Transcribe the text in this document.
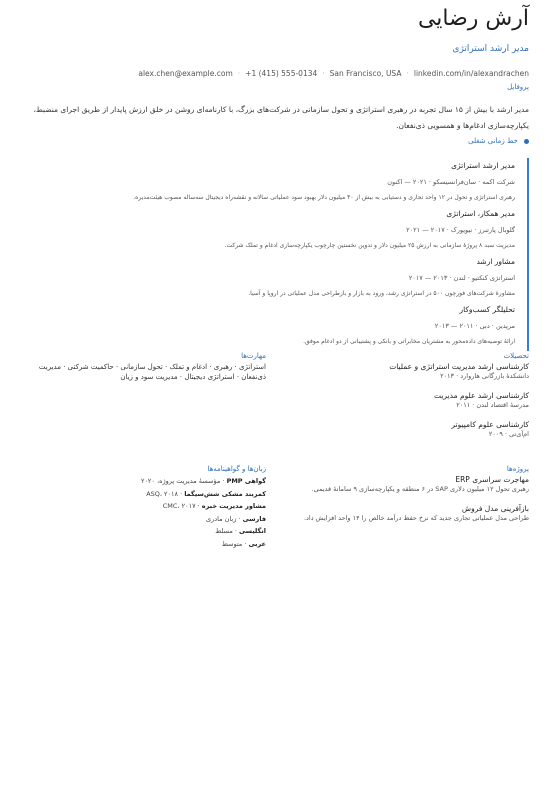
آرش رضایی
مدیر ارشد استراتژی
alex.chen@example.com · +1 (415) 555-0134 · San Francisco, USA · linkedin.com/in/alexandrachen
پروفایل
مدیر ارشد با بیش از ۱۵ سال تجربه در رهبری استراتژی و تحول سازمانی در شرکت‌های بزرگ، با کارنامه‌ای روشن در خلق ارزش پایدار از طریق اجرای منضبط، یکپارچه‌سازی ادغام‌ها و همسویی ذی‌نفعان.
خط زمانی شغلی
مدیر ارشد استراتژی
شرکت اکمه · سان‌فرانسیسکو · ۲۰۲۱ — اکنون
رهبری استراتژی و تحول در ۱۲ واحد تجاری و دستیابی به بیش از ۴۰ میلیون دلار بهبود سود عملیاتی سالانه و نقشه‌راه دیجیتال سه‌ساله مصوب هیئت‌مدیره.
مدیر همکار، استراتژی
گلوبال پارتنرز · نیویورک · ۲۰۱۷ — ۲۰۲۱
مدیریت سبد ۸ پروژهٔ سازمانی به ارزش ۲۵ میلیون دلار و تدوین نخستین چارچوب یکپارچه‌سازی ادغام و تملک شرکت.
مشاور ارشد
استراتژی کنکتیو · لندن · ۲۰۱۳ — ۲۰۱۷
مشاورهٔ شرکت‌های فورچون ۵۰۰ در استراتژی رشد، ورود به بازار و بازطراحی مدل عملیاتی در اروپا و آسیا.
تحلیلگر کسب‌وکار
مریدین · دبی · ۲۰۱۱ — ۲۰۱۳
ارائهٔ توصیه‌های داده‌محور به مشتریان مخابراتی و بانکی و پشتیبانی از دو ادغام موفق.
تحصیلات
کارشناسی ارشد مدیریت استراتژی و عملیات
دانشکدهٔ بازرگانی هاروارد · ۲۰۱۳
کارشناسی ارشد علوم مدیریت
مدرسهٔ اقتصاد لندن · ۲۰۱۱
کارشناسی علوم کامپیوتر
ام‌آی‌تی · ۲۰۰۹
مهارت‌ها
استراتژی · رهبری · ادغام و تملک · تحول سازمانی · حاکمیت شرکتی · مدیریت ذی‌نفعان · استراتژی دیجیتال · مدیریت سود و زیان
پروژه‌ها
مهاجرت سراسری ERP
رهبری تحول ۱۲ میلیون دلاری SAP در ۶ منطقه و یکپارچه‌سازی ۹ سامانهٔ قدیمی.
بازآفرینی مدل فروش
طراحی مدل عملیاتی تجاری جدید که نرخ حفظ درآمد خالص را ۱۴ واحد افزایش داد.
زبان‌ها و گواهینامه‌ها
گواهی PMP · مؤسسهٔ مدیریت پروژه، ۲۰۲۰
کمربند مشکی شش‌سیگما · ASQ، ۲۰۱۸
مشاور مدیریت خبره · CMC، ۲۰۱۷
فارسی · زبان مادری
انگلیسی · مسلط
عربی · متوسط
